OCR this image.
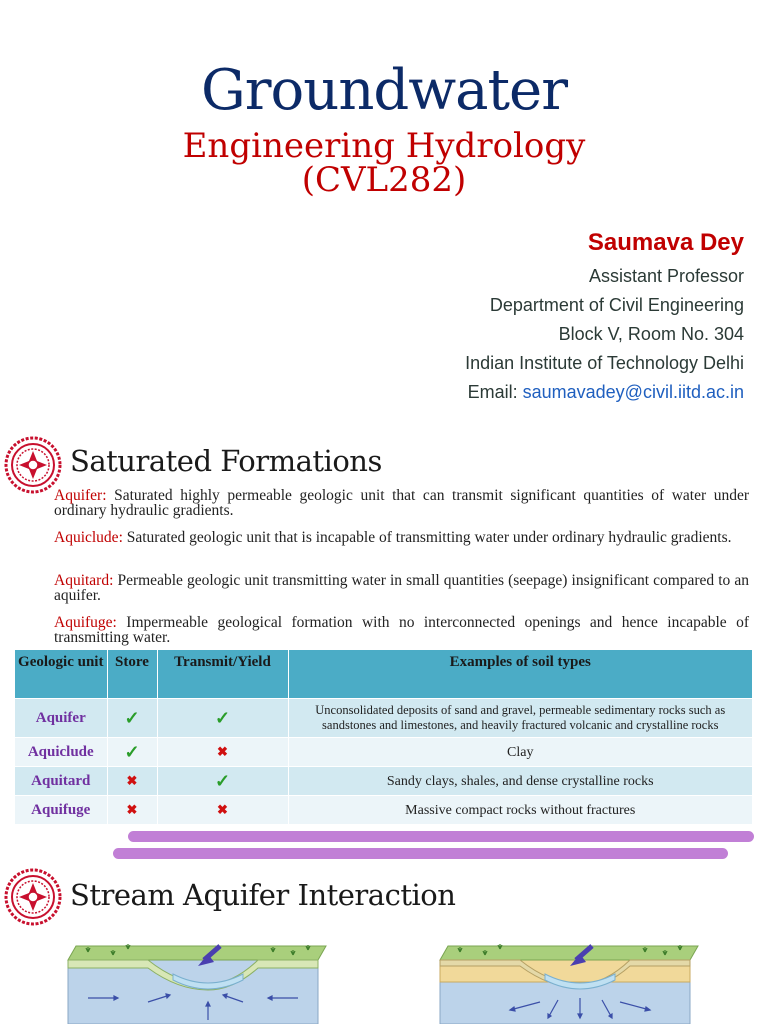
Groundwater
Engineering Hydrology
(CVL282)
Saumava Dey
Assistant Professor
Department of Civil Engineering
Block V, Room No. 304
Indian Institute of Technology Delhi
Email: saumavadey@civil.iitd.ac.in
Saturated Formations
Aquifer: Saturated highly permeable geologic unit that can transmit significant quantities of water under ordinary hydraulic gradients.
Aquiclude: Saturated geologic unit that is incapable of transmitting water under ordinary hydraulic gradients.
Aquitard: Permeable geologic unit transmitting water in small quantities (seepage) insignificant compared to an aquifer.
Aquifuge: Impermeable geological formation with no interconnected openings and hence incapable of transmitting water.
Geologic unit	Store	Transmit/Yield	Examples of soil types
Aquifer	✓	✓	Unconsolidated deposits of sand and gravel, permeable sedimentary rocks such as sandstones and limestones, and heavily fractured volcanic and crystalline rocks
Aquiclude	✓	✖	Clay
Aquitard	✖	✓	Sandy clays, shales, and dense crystalline rocks
Aquifuge	✖	✖	Massive compact rocks without fractures
Stream Aquifer Interaction
